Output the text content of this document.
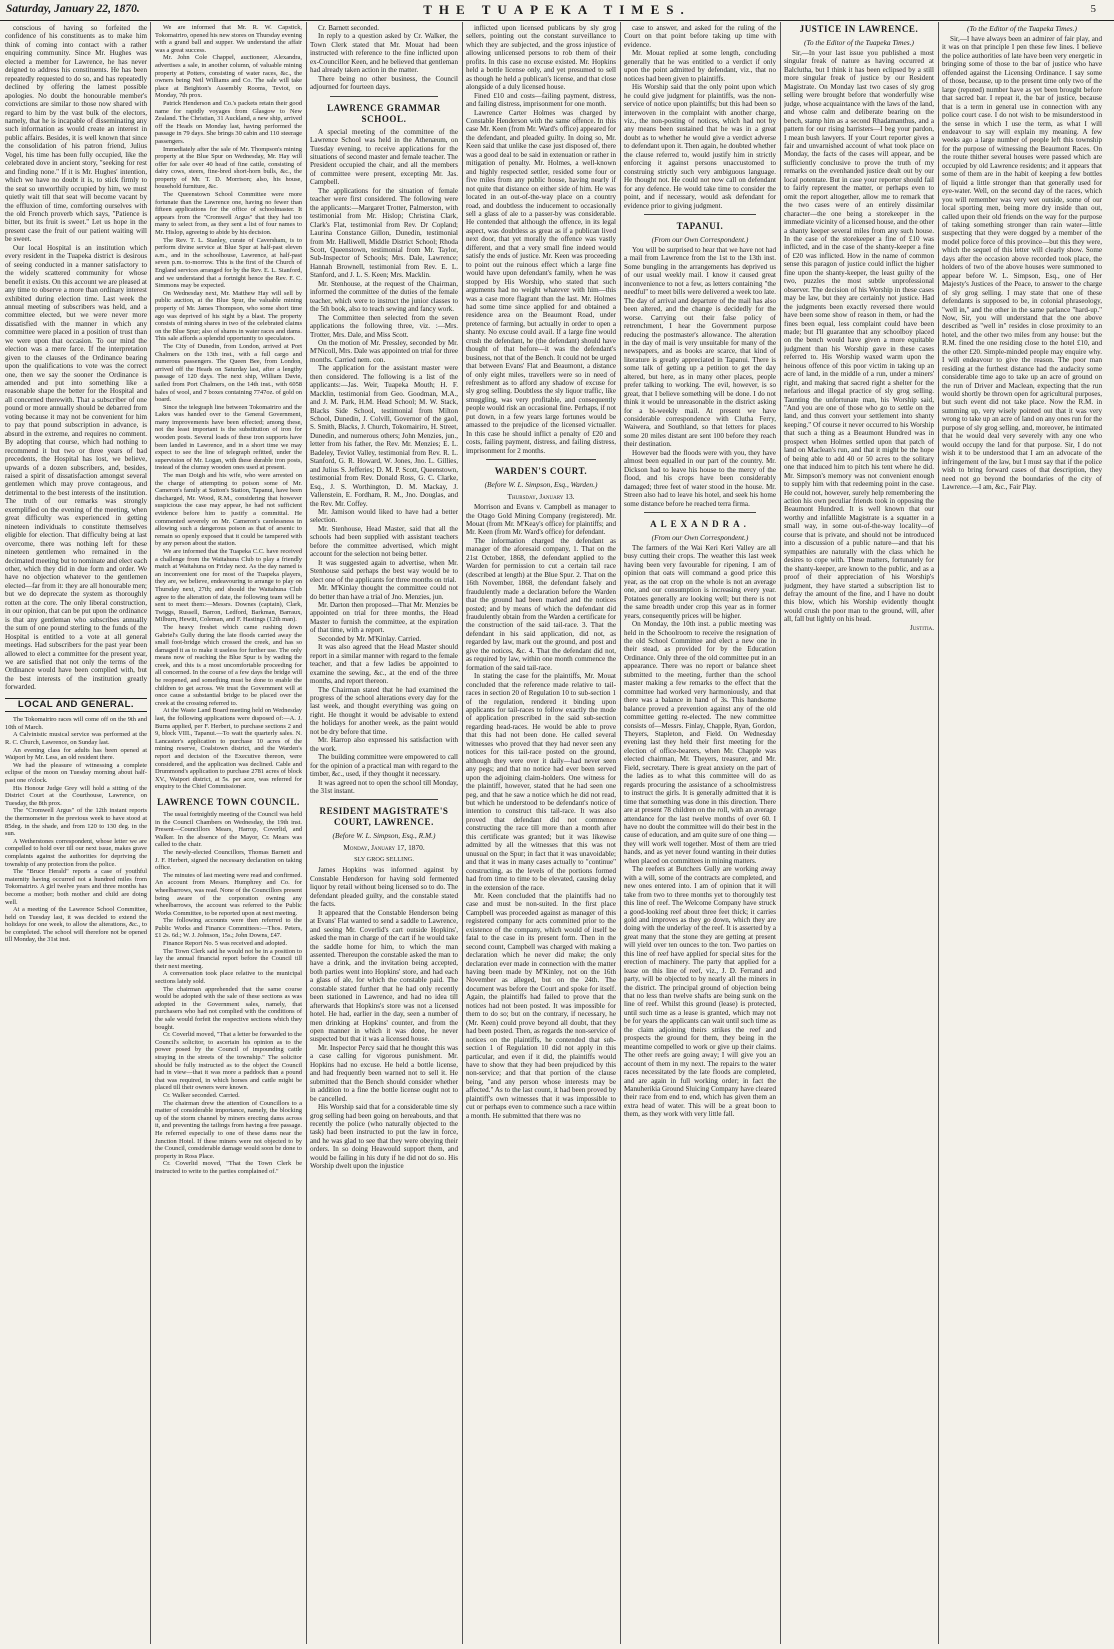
Saturday, January 22, 1870.	THE TUAPEKA TIMES.	5

conscious of having so forfeited the confidence of his constituents as to make him think of coming into contact with a rather enquiring community. Since Mr. Hughes was elected a member for Lawrence, he has never deigned to address his constituents. He has been repeatedly requested to do so, and has repeatedly declined by offering the lamest possible apologies. No doubt the honourable member's convictions are similar to those now shared with regard to him by the vast bulk of the electors, namely, that he is incapable of disseminating any such information as would create an interest in public affairs. Besides, it is well known that since the consolidation of his patron friend, Julius Vogel, his time has been fully occupied, like the celebrated dove in ancient story, "seeking for rest and finding none." If it is Mr. Hughes' intention, which we have no doubt it is, to stick firmly to the seat so unworthily occupied by him, we must quietly wait till that seat will become vacant by the effluxion of time, comforting ourselves with the old French proverb which says, "Patience is bitter, but its fruit is sweet." Let us hope in the present case the fruit of our patient waiting will be sweet.

Our local Hospital is an institution which every resident in the Tuapeka district is desirous of seeing conducted in a manner satisfactory to the widely scattered community for whose benefit it exists. On this account we are pleased at any time to observe a more than ordinary interest exhibited during election time. Last week the annual meeting of subscribers was held, and a committee elected, but we were never more dissatisfied with the manner in which any committee were placed in a position of trust than we were upon that occasion. To our mind the election was a mere farce. If the interpretation given to the clauses of the Ordinance bearing upon the qualifications to vote was the correct one, then we say the sooner the Ordinance is amended and put into something like a reasonable shape the better for the Hospital and all concerned therewith. That a subscriber of one pound or more annually should be debarred from voting because it may not be convenient for him to pay that pound subscription in advance, is absurd in the extreme, and requires no comment. By adopting that course, which had nothing to recommend it but two or three years of bad precedents, the Hospital has lost, we believe, upwards of a dozen subscribers, and, besides, raised a spirit of dissatisfaction amongst several gentlemen which may prove contageous, and detrimental to the best interests of the institution. The truth of our remarks was strongly exemplified on the evening of the meeting, when great difficulty was experienced in getting nineteen individuals to constitute themselves eligible for election. That difficulty being at last overcome, there was nothing left for these nineteen gentlemen who remained in the decimated meeting but to nominate and elect each other, which they did in due form and order. We have no objection whatever to the gentlemen elected—far from it: they are all honourable men; but we do deprecate the system as thoroughly rotten at the core. The only liberal construction, in our opinion, that can be put upon the ordinance is that any gentleman who subscribes annually the sum of one pound sterling to the funds of the Hospital is entitled to a vote at all general meetings. Had subscribers for the past year been allowed to elect a committee for the present year, we are satisfied that not only the terms of the Ordinance would have been complied with, but the best interests of the institution greatly forwarded.

LOCAL AND GENERAL.

The Tokomairiro races will come off on the 9th and 10th of March.

A Calvinistic musical service was performed at the R. C. Church, Lawrence, on Sunday last.

An evening class for adults has been opened at Waipori by Mr. Less, an old resident there.

We had the pleasure of witnessing a complete eclipse of the moon on Tuesday morning about half-past one o'clock.

His Honour Judge Grey will hold a sitting of the District Court at the Courthouse, Lawrence, on Tuesday, the 8th prox.

The "Cromwell Argus" of the 12th instant reports the thermometer in the previous week to have stood at 85deg. in the shade, and from 120 to 130 deg. in the sun.

A Wetherstones correspondent, whose letter we are compelled to hold over till our next issue, makes grave complaints against the authorities for depriving the township of any protection from the police.

The "Bruce Herald" reports a case of youthful maternity having occurred not a hundred miles from Tokomairiro. A girl twelve years and three months has become a mother; both mother and child are doing well.

At a meeting of the Lawrence School Committee, held on Tuesday last, it was decided to extend the holidays for one week, to allow the alterations, &c., to be completed. The school will therefore not be opened till Monday, the 31st inst.

We are informed that Mr. R. W. Capstick, Tokomairiro, opened his new stores on Thursday evening with a grand ball and supper. We understand the affair was a great success.

Mr. John Cole Chappel, auctioneer, Alexandra, advertises a sale, in another column, of valuable mining property at Potters, consisting of water races, &c., the owners being Neil Williams and Co. The sale will take place at Beighton's Assembly Rooms, Teviot, on Monday, 7th prox.

Patrick Henderson and Co.'s packets retain their good name for rapidly voyages from Glasgow to New Zealand. The Christian, 31 Auckland, a new ship, arrived off the Heads on Monday last, having performed the passage in 79 days. She brings 30 cabin and 110 steerage passengers.

Immediately after the sale of Mr. Thompson's mining property at the Blue Spur on Wednesday, Mr. Hay will offer for sale over 40 head of fine cattle, consisting of dairy cows, steers, fine-bred short-horn bulls, &c., the property of Mr. T. D. Morrison; also, his house, household furniture, &c.

The Queenstown School Committee were more fortunate than the Lawrence one, having no fewer than fifteen applications for the office of schoolmaster. It appears from the "Cromwell Argus" that they had too many to select from, as they sent a list of four names to Mr. Hislop, agreeing to abide by his decision.

The Rev. T. L. Stanley, curate of Caversham, is to perform divine service at Blue Spur at half-past eleven a.m., and in the schoolhouse, Lawrence, at half-past seven p.m. to-morrow. This is the first of the Church of England services arranged for by the Rev. E. L. Stanford, and we understand that a fortnight hence the Rev. F. C. Simmons may be expected.

On Wednesday next, Mr. Matthew Hay will sell by public auction, at the Blue Spur, the valuable mining property of Mr. James Thompson, who some short time ago was deprived of his sight by a blast. The property consists of mining shares in two of the celebrated claims on the Blue Spur; also of shares in water races and dams. This sale affords a splendid opportunity to speculators.

The City of Dunedin, from London, arrived at Port Chalmers on the 13th inst., with a full cargo and numerous passengers. The Queen Bee, from London, arrived off the Heads on Saturday last, after a lengthy passage of 120 days. The next ship, William Davie, sailed from Port Chalmers, on the 14th inst., with 6058 bales of wool, and 7 boxes containing 7747oz. of gold on board.

Since the telegraph line between Tokomairiro and the Lakes was handed over to the General Government, many improvements have been effected; among these, not the least important is the substitution of iron for wooden posts. Several loads of these iron supports have been landed in Lawrence, and in a short time we may expect to see the line of telegraph refitted, under the supervision of Mr. Logan, with these durable iron posts, instead of the clumsy wooden ones used at present.

The man Doigh and his wife, who were arrested on the charge of attempting to poison some of Mr. Cameron's family at Sutton's Station, Tapanui, have been discharged, Mr. Wood, R.M., considering that however suspicious the case may appear, he had not sufficient evidence before him to justify a committal. He commented severely on Mr. Cameron's carelessness in allowing such a dangerous poison as that of arsenic to remain so openly exposed that it could be tampered with by any person about the station.

We are informed that the Tuapeka C.C. have received a challenge from the Waitahuna Club to play a friendly match at Waitahuna on Friday next. As the day named is an inconvenient one for most of the Tuapeka players, they are, we believe, endeavouring to arrange to play on Thursday next, 27th; and should the Waitahuna Club agree to the alteration of date, the following team will be sent to meet them:—Messrs. Downes (captain), Clark, Twiggs, Russell, Barron, Ledford, Barkman, Barraux, Milburn, Hewitt, Coleman, and F. Hastings (12th man).

The heavy freshet which came rushing down Gabriel's Gully during the late floods carried away the small foot-bridge which crossed the creek, and has so damaged it as to make it useless for further use. The only means now of reaching the Blue Spur is by wading the creek, and this is a most uncomfortable proceeding for all concerned. In the course of a few days the bridge will be reopened, and something must be done to enable the children to get across. We trust the Government will at once cause a substantial bridge to be placed over the creek at the crossing referred to.

At the Waste Land Board meeting held on Wednesday last, the following applications were disposed of:—A. J. Burns applied, per F. Herbert, to purchase sections 2 and 9, block VIII., Tapanui.—To wait the quarterly sales. N. Lancaster's application to purchase 10 acres of the mining reserve, Coalstown district, and the Warden's report and decision of the Executive thereon, were considered, and the application was declined. Cable and Drummond's application to purchase 2781 acres of block XV., Waipori district, at 5s. per acre, was referred for enquiry to the Chief Commissioner.

LAWRENCE TOWN COUNCIL.

The usual fortnightly meeting of the Council was held in the Council Chambers on Wednesday, the 19th inst. Present—Councillors Mears, Harrop, Coverlid, and Walker. In the absence of the Mayor, Cr. Mears was called to the chair.

The newly-elected Councillors, Thomas Barnett and J. F. Herbert, signed the necessary declaration on taking office.

The minutes of last meeting were read and confirmed. An account from Messrs. Humphrey and Co. for wheelbarrows, was read. None of the Councillors present being aware of the corporation owning any wheelbarrows, the account was referred to the Public Works Committee, to be reported upon at next meeting.

The following accounts were then referred to the Public Works and Finance Committees:—Thos. Peters, £1 2s. 6d.; W. J. Johnson, 15s.; John Downs, £47.

Finance Report No. 5 was received and adopted.

The Town Clerk said he would not be in a position to lay the annual financial report before the Council till their next meeting.

A conversation took place relative to the municipal sections lately sold.

The chairman apprehended that the same course would be adopted with the sale of these sections as was adopted in the Government sales, namely, that purchasers who had not complied with the conditions of the sale would forfeit the respective sections which they bought.

Cr. Coverlid moved, "That a letter be forwarded to the Council's solicitor, to ascertain his opinion as to the power posed by the Council of impounding cattle straying in the streets of the township." The solicitor should be fully instructed as to the object the Council had in view—that it was more a paddock than a pound that was required, in which horses and cattle might be placed till their owners were known.

Cr. Walker seconded. Carried.

The chairman drew the attention of Councillors to a matter of considerable importance, namely, the blocking up of the storm channel by miners erecting dams across it, and preventing the tailings from having a free passage. He referred especially to one of these dams near the Junction Hotel. If these miners were not objected to by the Council, considerable damage would soon be done to property in Ross Place.

Cr. Coverlid moved, "That the Town Clerk be instructed to write to the parties complained of."

Cr. Barnett seconded.

In reply to a question asked by Cr. Walker, the Town Clerk stated that Mr. Mouat had been instructed with reference to the fine inflicted upon ex-Councillor Keen, and he believed that gentleman had already taken action in the matter.

There being no other business, the Council adjourned for fourteen days.

LAWRENCE GRAMMAR SCHOOL.

A special meeting of the committee of the Lawrence School was held in the Athenæum, on Tuesday evening, to receive applications for the situations of second master and female teacher. The President occupied the chair, and all the members of committee were present, excepting Mr. Jas. Campbell.

The applications for the situation of female teacher were first considered. The following were the applicants:—Margaret Trotter, Palmerston, with testimonial from Mr. Hislop; Christina Clark, Clark's Flat, testimonial from Rev. Dr Copland; Laurina Constance Gillon, Dunedin, testimonial from Mr. Halliwell, Middle District School; Rhoda Scott, Queenstown, testimonial from Mr. Taylor, Sub-Inspector of Schools; Mrs. Dale, Lawrence; Hannah Brownell, testimonial from Rev. E. L. Stanford, and J. L. S. Keen; Mrs. Macklin.

Mr. Stenhouse, at the request of the Chairman, informed the committee of the duties of the female teacher, which were to instruct the junior classes to the 5th book, also to teach sewing and fancy work.

The Committee then selected from the seven applications the following three, viz. :—Mrs. Trotter, Mrs. Dale, and Miss Scott.

On the motion of Mr. Pressley, seconded by Mr. M'Nicoll, Mrs. Dale was appointed on trial for three months. Carried nem. con.

The application for the assistant master were then considered. The following is a list of the applicants:—Jas. Weir, Tuapeka Mouth; H. F. Macklin, testimonial from Geo. Goodman, M.A., and J. M. Park, H.M. Head School; M. W. Stack, Blacks Side School, testimonial from Milton School, Dunedin, J. Colvill, Governor of the gaol, S. Smith, Blacks, J. Church, Tokomairiro, H. Street, Dunedin, and numerous others; John Menzies, jun., letter from his father, the Rev. Mr. Menzies; E. L. Badeley, Teviot Valley, testimonial from Rev. R. L. Stanford, G. R. Howard, W. Jones, Jno. L. Gillies, and Julius S. Jefferies; D. M. P. Scott, Queenstown, testimonial from Rev. Donald Ross, G. C. Clarke, Esq., J. S. Worthington, D. M. Mackay, J. Vallenstein, E. Fordham, R. M., Jno. Douglas, and the Rev. Mr. Coffey.

Mr. Jamison would liked to have had a better selection.

Mr. Stenhouse, Head Master, said that all the schools had been supplied with assistant teachers before the committee advertised, which might account for the selection not being better.

It was suggested again to advertise, when Mr. Stenhouse said perhaps the best way would be to elect one of the applicants for three months on trial.

Mr. M'Kinlay thought the committee could not do better than have a trial of Jno. Menzies, jun.

Mr. Darton then proposed—That Mr. Menzies be appointed on trial for three months, the Head Master to furnish the committee, at the expiration of that time, with a report.

Seconded by Mr. M'Kinlay. Carried.

It was also agreed that the Head Master should report in a similar manner with regard to the female teacher, and that a few ladies be appointed to examine the sewing, &c., at the end of the three months, and report thereon.

The Chairman stated that he had examined the progress of the school alterations every day for the last week, and thought everything was going on right. He thought it would be advisable to extend the holidays for another week, as the paint would not be dry before that time.

Mr. Harrop also expressed his satisfaction with the work.

The building committee were empowered to call for the opinion of a practical man with regard to the timber, &c., used, if they thought it necessary.

It was agreed not to open the school till Monday, the 31st instant.

RESIDENT MAGISTRATE'S COURT, LAWRENCE.
(Before W. L. Simpson, Esq., R.M.)
Monday, January 17, 1870.
SLY GROG SELLING.

James Hopkins was informed against by Constable Henderson for having sold fermented liquor by retail without being licensed so to do. The defendant pleaded guilty, and the constable stated the facts.

It appeared that the Constable Henderson being at Evans' Flat wanted to send a saddle to Lawrence, and seeing Mr. Coverlid's cart outside Hopkins', asked the man in charge of the cart if he would take the saddle home for him, to which the man assented. Thereupon the constable asked the man to have a drink, and the invitation being accepted, both parties went into Hopkins' store, and had each a glass of ale, for which the constable paid. The constable stated further that he had only recently been stationed in Lawrence, and had no idea till afterwards that Hopkins's store was not a licensed hotel. He had, earlier in the day, seen a number of men drinking at Hopkins' counter, and from the open manner in which it was done, he never suspected but that it was a licensed house.

Mr. Inspector Percy said that he thought this was a case calling for vigorous punishment. Mr. Hopkins had no excuse. He held a bottle license, and had frequently been warned not to sell it. He submitted that the Bench should consider whether in addition to a fine the bottle license ought not to be cancelled.

His Worship said that for a considerable time sly grog selling had been going on hereabouts, and that recently the police (who naturally objected to the task) had been instructed to put the law in force, and he was glad to see that they were obeying their orders. In so doing Heawould support them, and would be failing in his duty if he did not do so. His Worship dwelt upon the injustice

inflicted upon licensed publicans by sly grog sellers, pointing out the constant surveillance to which they are subjected, and the gross injustice of allowing unlicensed persons to rob them of their profits. In this case no excuse existed. Mr. Hopkins held a bottle license only, and yet presumed to sell as though he held a publican's license, and that close alongside of a duly licensed house.

Fined £10 and costs—failing payment, distress, and failing distress, imprisonment for one month.

Lawrence Carter Holmes was charged by Constable Henderson with the same offence. In this case Mr. Keen (from Mr. Ward's office) appeared for the defendant, and pleaded guilty. In doing so, Mr. Keen said that unlike the case just disposed of, there was a good deal to be said in extenuation or rather in mitigation of penalty. Mr. Holmes, a well-known and highly respected settler, resided some four or five miles from any public house, having nearly if not quite that distance on either side of him. He was located in an out-of-the-way place on a country road, and doubtless the inducement to occasionally sell a glass of ale to a passer-by was considerable. He contended that although the offence, in its legal aspect, was doubtless as great as if a publican lived next door, that yet morally the offence was vastly different, and that a very small fine indeed would satisfy the ends of justice. Mr. Keen was proceeding to point out the ruinous effect which a large fine would have upon defendant's family, when he was stopped by His Worship, who stated that such arguments had no weight whatever with him—this was a case more flagrant than the last. Mr. Holmes had some time since applied for and obtained a residence area on the Beaumont Road, under pretence of farming, but actually in order to open a shanty. No excuse could avail. If a large fine would crush the defendant, he (the defendant) should have thought of that before—it was the defendant's business, not that of the Bench. It could not be urged that between Evans' Flat and Beaumont, a distance of only eight miles, travellers were so in need of refreshment as to afford any shadow of excuse for sly grog selling. Doubtless the sly liquor traffic, like smuggling, was very profitable, and consequently people would risk an occasional fine. Perhaps, if not put down, in a few years large fortunes would be amassed to the prejudice of the licensed victualler. In this case he should inflict a penalty of £20 and costs, failing payment, distress, and failing distress, imprisonment for 2 months.

WARDEN'S COURT.
(Before W. L. Simpson, Esq., Warden.)
Thursday, January 13.

Morrison and Evans v. Campbell as manager to the Otago Gold Mining Company (registered). Mr. Mouat (from Mr. M'Keay's office) for plaintiffs; and Mr. Keen (from Mr. Ward's office) for defendant.

The information charged the defendant as manager of the aforesaid company, 1. That on the 21st October, 1868, the defendant applied to the Warden for permission to cut a certain tail race (described at length) at the Blue Spur. 2. That on the 16th November, 1868, the defendant falsely and fraudulently made a declaration before the Warden that the ground had been marked and the notices posted; and by means of which the defendant did fraudulently obtain from the Warden a certificate for the construction of the said tail-race. 3. That the defendant in his said application, did not, as regarded by law, mark out the ground, and post and give the notices, &c. 4. That the defendant did not, as required by law, within one month commence the formation of the said tail-race.

In stating the case for the plaintiffs, Mr. Mouat concluded that the reference made relative to tail-races in section 20 of Regulation 10 to sub-section 1 of the regulation, rendered it binding upon applicants for tail-races to follow exactly the mode of application prescribed in the said sub-section regarding head-races. He would be able to prove that this had not been done. He called several witnesses who proved that they had never seen any notices for this tail-race posted on the ground, although they were over it daily—had never seen any pegs; and that no notice had ever been served upon the adjoining claim-holders. One witness for the plaintiff, however, stated that he had seen one peg, and that he saw a notice which he did not read, but which he understood to be defendant's notice of intention to construct this tail-race. It was also proved that defendant did not commence constructing the race till more than a month after this certificate was granted; but it was likewise admitted by all the witnesses that this was not unusual on the Spur; in fact that it was unavoidable; and that it was in many cases actually to "continue" constructing, as the levels of the portions formed had from time to time to be elevated, causing delay in the extension of the race.

Mr. Keen concluded that the plaintiffs had no case and must be non-suited. In the first place Campbell was proceeded against as manager of this registered company for acts committed prior to the existence of the company, which would of itself be fatal to the case in its present form. Then in the second count, Campbell was charged with making a declaration which he never did make; the only declaration ever made in connection with the matter having been made by M'Kinley, not on the 16th November as alleged, but on the 24th. The document was before the Court and spoke for itself. Again, the plaintiffs had failed to prove that the notices had not been posted. It was impossible for them to do so; but on the contrary, if necessary, he (Mr. Keen) could prove beyond all doubt, that they had been posted. Then, as regards the non-service of notices on the plaintiffs, he contended that sub-section 1 of Regulation 10 did not apply in this particular, and even if it did, the plaintiffs would have to show that they had been prejudiced by this non-service; and that that portion of the clause being, "and any person whose interests may be affected." As to the last count, it had been proved by plaintiff's own witnesses that it was impossible to cut or perhaps even to commence such a race within a month. He submitted that there was no

case to answer, and asked for the ruling of the Court on that point before taking up time with evidence.

Mr. Mouat replied at some length, concluding generally that he was entitled to a verdict if only upon the point admitted by defendant, viz., that no notices had been given to plaintiffs.

His Worship said that the only point upon which he could give judgment for plaintiffs, was the non-service of notice upon plaintiffs; but this had been so interwoven in the complaint with another charge, viz., the non-posting of notices, which had not by any means been sustained that he was in a great doubt as to whether he would give a verdict adverse to defendant upon it. Then again, he doubted whether the clause referred to, would justify him in strictly enforcing it against persons unaccustomed to construing strictly such very ambiguous language. He thought not. He could not now call on defendant for any defence. He would take time to consider the point, and if necessary, would ask defendant for evidence prior to giving judgment.

TAPANUI.
(From our Own Correspondent.)

You will be surprised to hear that we have not had a mail from Lawrence from the 1st to the 13th inst. Some bungling in the arrangements has deprived us of our usual weekly mail. I know it caused great inconvenience to not a few, as letters containing "the needful" to meet bills were delivered a week too late. The day of arrival and departure of the mail has also been altered, and the change is decidedly for the worse. Carrying out their false policy of retrenchment, I hear the Government purpose reducing the postmaster's allowance. The alteration in the day of mail is very unsuitable for many of the newspapers, and as books are scarce, that kind of literature is greatly appreciated in Tapanui. There is some talk of getting up a petition to get the day altered, but here, as in many other places, people prefer talking to working. The evil, however, is so great, that I believe something will be done. I do not think it would be unreasonable in the district asking for a bi-weekly mail. At present we have considerable correspondence with Clutha Ferry, Waiwera, and Southland, so that letters for places some 20 miles distant are sent 100 before they reach their destination.

However bad the floods were with you, they have almost been equalled in our part of the country. Mr. Dickson had to leave his house to the mercy of the flood, and his crops have been considerably damaged; three feet of water stood in the house. Mr. Streen also had to leave his hotel, and seek his home some distance before he reached terra firma.

ALEXANDRA.
(From our Own Correspondent.)

The farmers of the Wai Keri Keri Valley are all busy cutting their crops. The weather this last week having been very favourable for ripening. I am of opinion that oats will command a good price this year, as the oat crop on the whole is not an average one, and our consumption is increasing every year. Potatoes generally are looking well; but there is not the same breadth under crop this year as in former years, consequently prices will be higher.

On Monday, the 10th inst. a public meeting was held in the Schoolroom to receive the resignation of the old School Committee and elect a new one in their stead, as provided for by the Education Ordinance. Only three of the old committee put in an appearance. There was no report or balance sheet submitted to the meeting, further than the school master making a few remarks to the effect that the committee had worked very harmoniously, and that there was a balance in hand of 3s. This handsome balance proved a prevention against any of the old committee getting re-elected. The new committee consists of—Messrs. Finlay, Chapple, Ryan, Gordon, Theyers, Stapleton, and Field. On Wednesday evening last they held their first meeting for the election of office-bearers, when Mr. Chapple was elected chairman, Mr. Theyers, treasurer, and Mr. Field, secretary. There is great anxiety on the part of the ladies as to what this committee will do as regards procuring the assistance of a schoolmistress to instruct the girls. It is generally admitted that it is time that something was done in this direction. There are at present 78 children on the roll, with an average attendance for the last twelve months of over 60. I have no doubt the committee will do their best in the cause of education, and am quite sure of one thing —they will work well together. Most of them are tried hands, and as yet never found wanting in their duties when placed on committees in mining matters.

The reefers at Butchers Gully are working away with a will, some of the contracts are completed, and new ones entered into. I am of opinion that it will take from two to three months yet to thoroughly test this line of reef. The Welcome Company have struck a good-looking reef about three feet thick; it carries gold and improves as they go down, which they are doing with the underlay of the reef. It is asserted by a great many that the stone they are getting at present will yield over ten ounces to the ton. Two parties on this line of reef have applied for special sites for the erection of machinery. The party that applied for a lease on this line of reef, viz., J. D. Ferrand and party, will be objected to by nearly all the miners in the district. The principal ground of objection being that no less than twelve shafts are being sunk on the line of reef. Whilst this ground (lease) is protected, until such time as a lease is granted, which may not be for years the applicants can wait until such time as the claim adjoining theirs strikes the reef and prospects the ground for them, they being in the meantime compelled to work or give up their claims. The other reefs are going away; I will give you an account of them in my next. The repairs to the water races necessitated by the late floods are completed, and are again in full working order; in fact the Manuherikia Ground Sluicing Company have cleared their race from end to end, which has given them an extra head of water. This will be a great boon to them, as they work with very little fall.

JUSTICE IN LAWRENCE.
(To the Editor of the Tuapeka Times.)

Sir,—In your last issue you published a most singular freak of nature as having occurred at Balclutha, but I think it has been eclipsed by a still more singular freak of justice by our Resident Magistrate. On Monday last two cases of sly grog selling were brought before that wonderfully wise judge, whose acquaintance with the laws of the land, and whose calm and deliberate bearing on the bench, stamp him as a second Rhadamanthus, and a pattern for our rising barristers—I beg your pardon, I mean bush lawyers. If your Court reporter gives a fair and unvarnished account of what took place on Monday, the facts of the cases will appear, and be sufficiently conclusive to prove the truth of my remarks on the evenhanded justice dealt out by our local potentate. But in case your reporter should fail to fairly represent the matter, or perhaps even to omit the report altogether, allow me to remark that the two cases were of an entirely dissimilar character—the one being a storekeeper in the immediate vicinity of a licensed house, and the other a shanty keeper several miles from any such house. In the case of the storekeeper a fine of £10 was inflicted, and in the case of the shanty-keeper a fine of £20 was inflicted. How in the name of common sense this paragon of justice could inflict the higher fine upon the shanty-keeper, the least guilty of the two, puzzles the most subtle unprofessional observer. The decision of his Worship in these cases may be law, but they are certainly not justice. Had the judgments been exactly reversed there would have been some show of reason in them, or had the fines been equal, less complaint could have been made; but I'll guarantee that any schoolboy placed on the bench would have given a more equitable judgment than his Worship gave in these cases referred to. His Worship waxed warm upon the heinous offence of this poor victim in taking up an acre of land, in the middle of a run, under a miners' right, and making that sacred right a shelter for the nefarious and illegal practice of sly grog selling. Taunting the unfortunate man, his Worship said, "And you are one of those who go to settle on the land, and thus convert your settlement into shanty keeping." Of course it never occurred to his Worship that such a thing as a Beaumont Hundred was in prospect when Holmes settled upon that patch of land on Maclean's run, and that it might be the hope of being able to add 40 or 50 acres to the solitary one that induced him to pitch his tent where he did. Mr. Simpson's memory was not convenient enough to supply him with that redeeming point in the case. He could not, however, surely help remembering the action his own peculiar friends took in opposing the Beaumont Hundred. It is well known that our worthy and infallible Magistrate is a squatter in a small way, in some out-of-the-way locality—of course that is private, and should not be introduced into a discussion of a public nature—and that his sympathies are naturally with the class which he desires to cope with. These matters, fortunately for the shanty-keeper, are known to the public, and as a proof of their appreciation of his Worship's judgment, they have started a subscription list to defray the amount of the fine, and I have no doubt this blow, which his Worship evidently thought would crush the poor man to the ground, will, after all, fall but lightly on his head.

Justitia.

(To the Editor of the Tuapeka Times.)

Sir,—I have always been an admirer of fair play, and it was on that principle I pen these few lines. I believe the police authorities of late have been very energetic in bringing some of those to the bar of justice who have offended against the Licensing Ordinance. I say some of those, because, up to the present time only two of the large (reputed) number have as yet been brought before that sacred bar. I repeat it, the bar of justice, because that is a term in general use in connection with any police court case. I do not wish to be misunderstood in the sense in which I use the term, as what I will endeavour to say will explain my meaning. A few weeks ago a large number of people left this township for the purpose of witnessing the Beaumont Races. On the route thither several houses were passed which are occupied by old Lawrence residents; and it appears that some of them are in the habit of keeping a few bottles of liquid a little stronger than that generally used for eye-water. Well, on the second day of the races, which you will remember was very wet outside, some of our local sporting men, being more dry inside than out, called upon their old friends on the way for the purpose of taking something stronger than rain water—little suspecting that they were dogged by a member of the model police force of this province—but this they were, which the sequel of this letter will clearly show. Some days after the occasion above recorded took place, the holders of two of the above houses were summoned to appear before W. L. Simpson, Esq., one of Her Majesty's Justices of the Peace, to answer to the charge of sly grog selling. I may state that one of these defendants is supposed to be, in colonial phraseology, "well in," and the other in the same parlance "hard-up." Now, Sir, you will understand that the one above described as "well in" resides in close proximity to an hotel, and the other two miles from any house: but the R.M. fined the one residing close to the hotel £10, and the other £20. Simple-minded people may enquire why. I will endeavour to give the reason. The poor man residing at the furthest distance had the audacity some considerable time ago to take up an acre of ground on the run of Driver and Maclean, expecting that the run would shortly be thrown open for agricultural purposes, but such event did not take place. Now the R.M. in summing up, very wisely pointed out that it was very wrong to take up an acre of land on any ones run for the purpose of sly grog selling, and, moreover, he intimated that he would deal very severely with any one who would occupy the land for that purpose. Sir, I do not wish it to be understood that I am an advocate of the infringement of the law, but I must say that if the police wish to bring forward cases of that description, they need not go beyond the boundaries of the city of Lawrence.—I am, &c., Fair Play.
